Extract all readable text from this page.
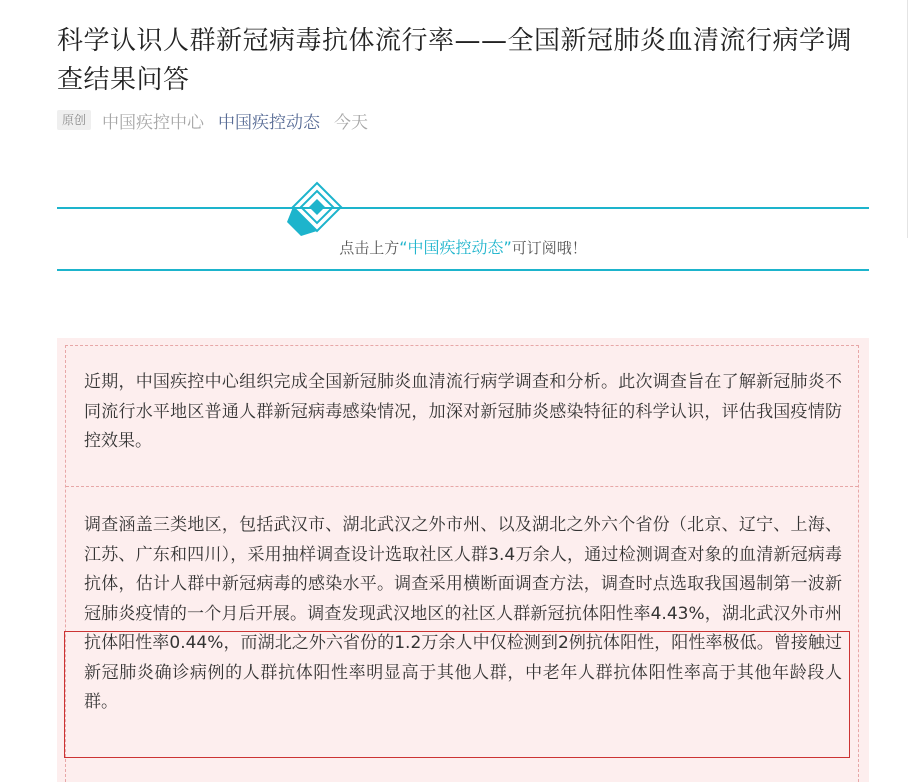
科学认识人群新冠病毒抗体流行率——全国新冠肺炎血清流行病学调查结果问答
原创 中国疾控中心 中国疾控动态 今天
点击上方“中国疾控动态”可订阅哦！

近期，中国疾控中心组织完成全国新冠肺炎血清流行病学调查和分析。此次调查旨在了解新冠肺炎不同流行水平地区普通人群新冠病毒感染情况，加深对新冠肺炎感染特征的科学认识，评估我国疫情防控效果。

调查涵盖三类地区，包括武汉市、湖北武汉之外市州、以及湖北之外六个省份（北京、辽宁、上海、江苏、广东和四川），采用抽样调查设计选取社区人群3.4万余人，通过检测调查对象的血清新冠病毒抗体，估计人群中新冠病毒的感染水平。调查采用横断面调查方法，调查时点选取我国遏制第一波新冠肺炎疫情的一个月后开展。调查发现武汉地区的社区人群新冠抗体阳性率4.43%，湖北武汉外市州抗体阳性率0.44%，而湖北之外六省份的1.2万余人中仅检测到2例抗体阳性，阳性率极低。曾接触过新冠肺炎确诊病例的人群抗体阳性率明显高于其他人群，中老年人群抗体阳性率高于其他年龄段人群。
